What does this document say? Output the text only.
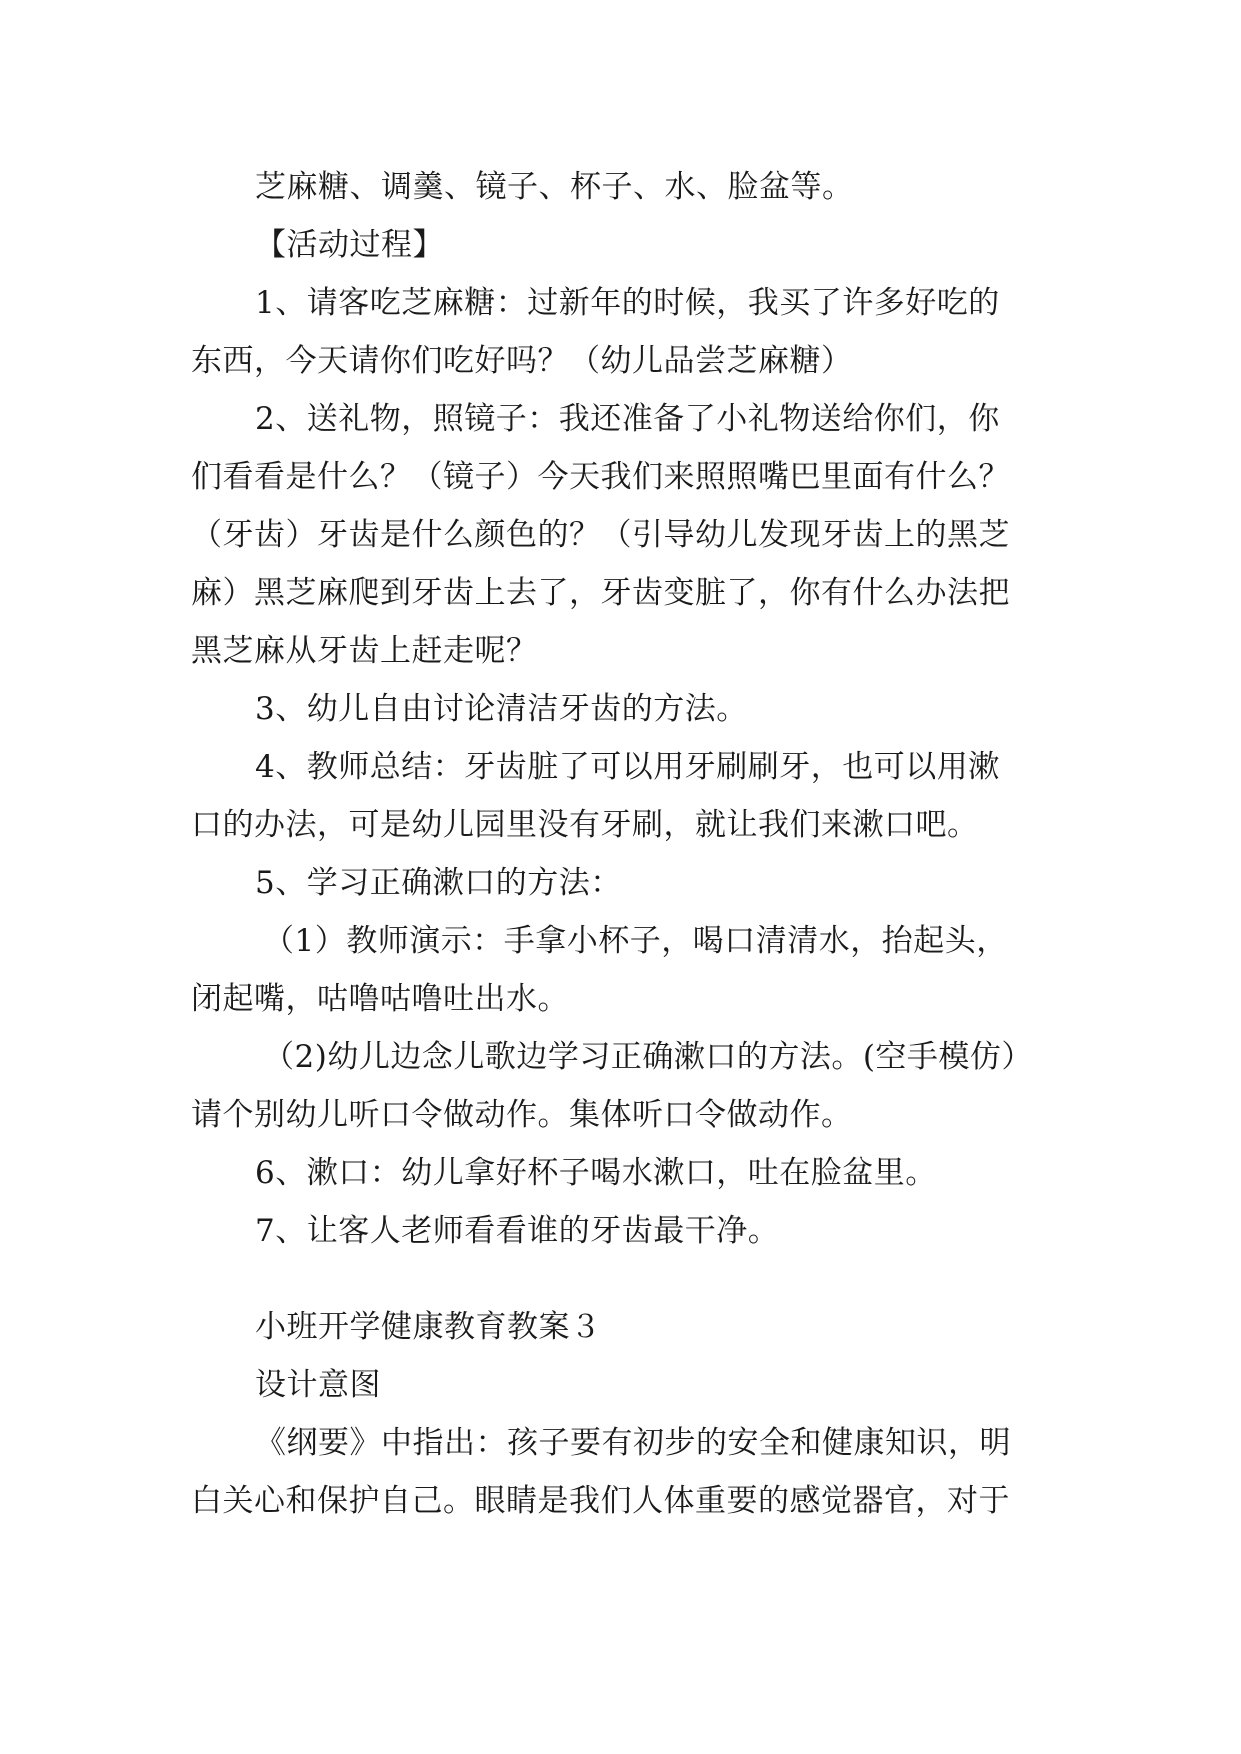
芝麻糖、调羹、镜子、杯子、水、脸盆等。
【活动过程】
1、请客吃芝麻糖：过新年的时候，我买了许多好吃的
东西，今天请你们吃好吗？（幼儿品尝芝麻糖）
2、送礼物，照镜子：我还准备了小礼物送给你们，你
们看看是什么？（镜子）今天我们来照照嘴巴里面有什么？
（牙齿）牙齿是什么颜色的？（引导幼儿发现牙齿上的黑芝
麻）黑芝麻爬到牙齿上去了，牙齿变脏了，你有什么办法把
黑芝麻从牙齿上赶走呢？
3、幼儿自由讨论清洁牙齿的方法。
4、教师总结：牙齿脏了可以用牙刷刷牙，也可以用漱
口的办法，可是幼儿园里没有牙刷，就让我们来漱口吧。
5、学习正确漱口的方法：
（1）教师演示：手拿小杯子，喝口清清水，抬起头，
闭起嘴，咕噜咕噜吐出水。
（2)幼儿边念儿歌边学习正确漱口的方法。(空手模仿）
请个别幼儿听口令做动作。集体听口令做动作。
6、漱口：幼儿拿好杯子喝水漱口，吐在脸盆里。
7、让客人老师看看谁的牙齿最干净。
小班开学健康教育教案３
设计意图
《纲要》中指出：孩子要有初步的安全和健康知识，明
白关心和保护自己。眼睛是我们人体重要的感觉器官，对于
